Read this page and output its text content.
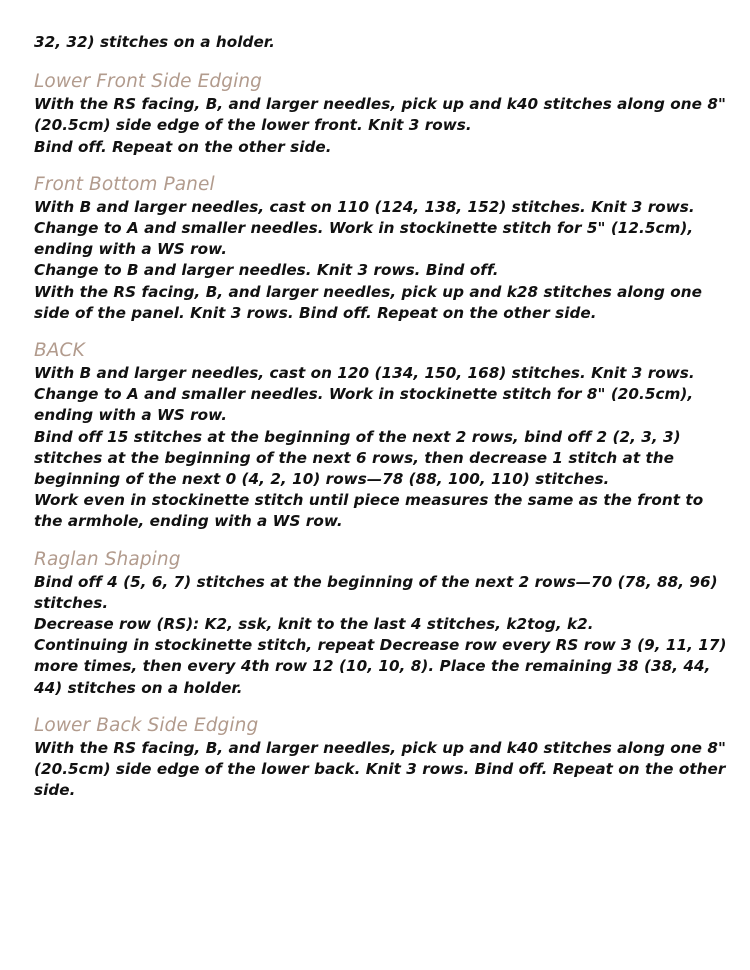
32, 32) stitches on a holder.
Lower Front Side Edging
With the RS facing, B, and larger needles, pick up and k40 stitches along one 8"
(20.5cm) side edge of the lower front. Knit 3 rows.
Bind off. Repeat on the other side.
Front Bottom Panel
With B and larger needles, cast on 110 (124, 138, 152) stitches. Knit 3 rows.
Change to A and smaller needles. Work in stockinette stitch for 5" (12.5cm),
ending with a WS row.
Change to B and larger needles. Knit 3 rows. Bind off.
With the RS facing, B, and larger needles, pick up and k28 stitches along one
side of the panel. Knit 3 rows. Bind off. Repeat on the other side.
BACK
With B and larger needles, cast on 120 (134, 150, 168) stitches. Knit 3 rows.
Change to A and smaller needles. Work in stockinette stitch for 8" (20.5cm),
ending with a WS row.
Bind off 15 stitches at the beginning of the next 2 rows, bind off 2 (2, 3, 3)
stitches at the beginning of the next 6 rows, then decrease 1 stitch at the
beginning of the next 0 (4, 2, 10) rows—78 (88, 100, 110) stitches.
Work even in stockinette stitch until piece measures the same as the front to
the armhole, ending with a WS row.
Raglan Shaping
Bind off 4 (5, 6, 7) stitches at the beginning of the next 2 rows—70 (78, 88, 96)
stitches.
Decrease row (RS): K2, ssk, knit to the last 4 stitches, k2tog, k2.
Continuing in stockinette stitch, repeat Decrease row every RS row 3 (9, 11, 17)
more times, then every 4th row 12 (10, 10, 8). Place the remaining 38 (38, 44,
44) stitches on a holder.
Lower Back Side Edging
With the RS facing, B, and larger needles, pick up and k40 stitches along one 8"
(20.5cm) side edge of the lower back. Knit 3 rows. Bind off. Repeat on the other
side.
